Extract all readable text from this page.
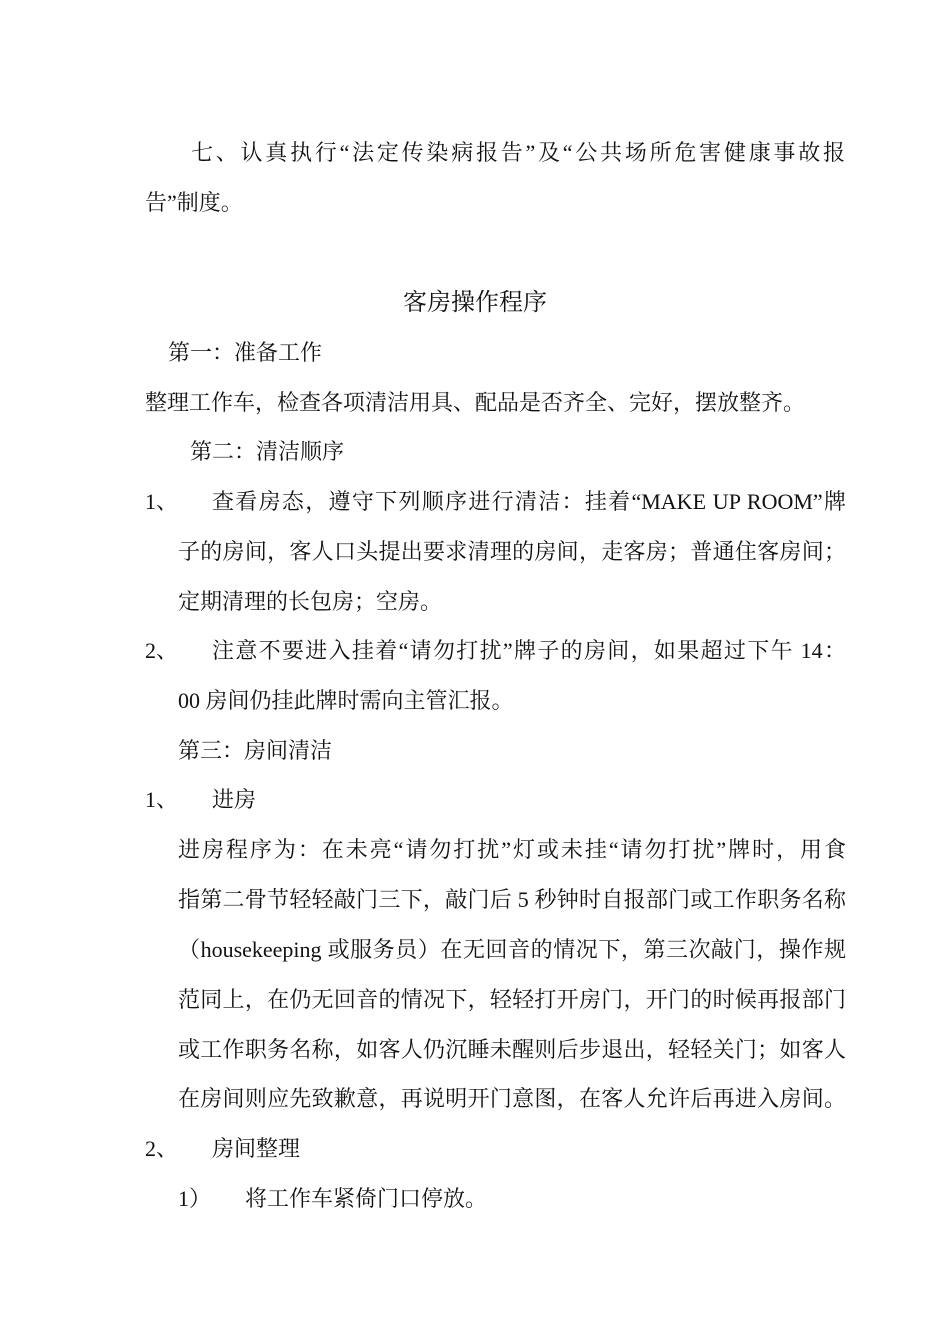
七、认真执行“法定传染病报告”及“公共场所危害健康事故报
告”制度。
客房操作程序
第一：准备工作
整理工作车，检查各项清洁用具、配品是否齐全、完好，摆放整齐。
第二：清洁顺序
1、 查看房态，遵守下列顺序进行清洁：挂着“MAKE UP ROOM”牌
子的房间，客人口头提出要求清理的房间，走客房；普通住客房间；
定期清理的长包房；空房。
2、 注意不要进入挂着“请勿打扰”牌子的房间，如果超过下午 14：
00 房间仍挂此牌时需向主管汇报。
第三：房间清洁
1、 进房
进房程序为：在未亮“请勿打扰”灯或未挂“请勿打扰”牌时，用食
指第二骨节轻轻敲门三下，敲门后 5 秒钟时自报部门或工作职务名称
（housekeeping 或服务员）在无回音的情况下，第三次敲门，操作规
范同上，在仍无回音的情况下，轻轻打开房门，开门的时候再报部门
或工作职务名称，如客人仍沉睡未醒则后步退出，轻轻关门；如客人
在房间则应先致歉意，再说明开门意图，在客人允许后再进入房间。
2、 房间整理
1） 将工作车紧倚门口停放。
